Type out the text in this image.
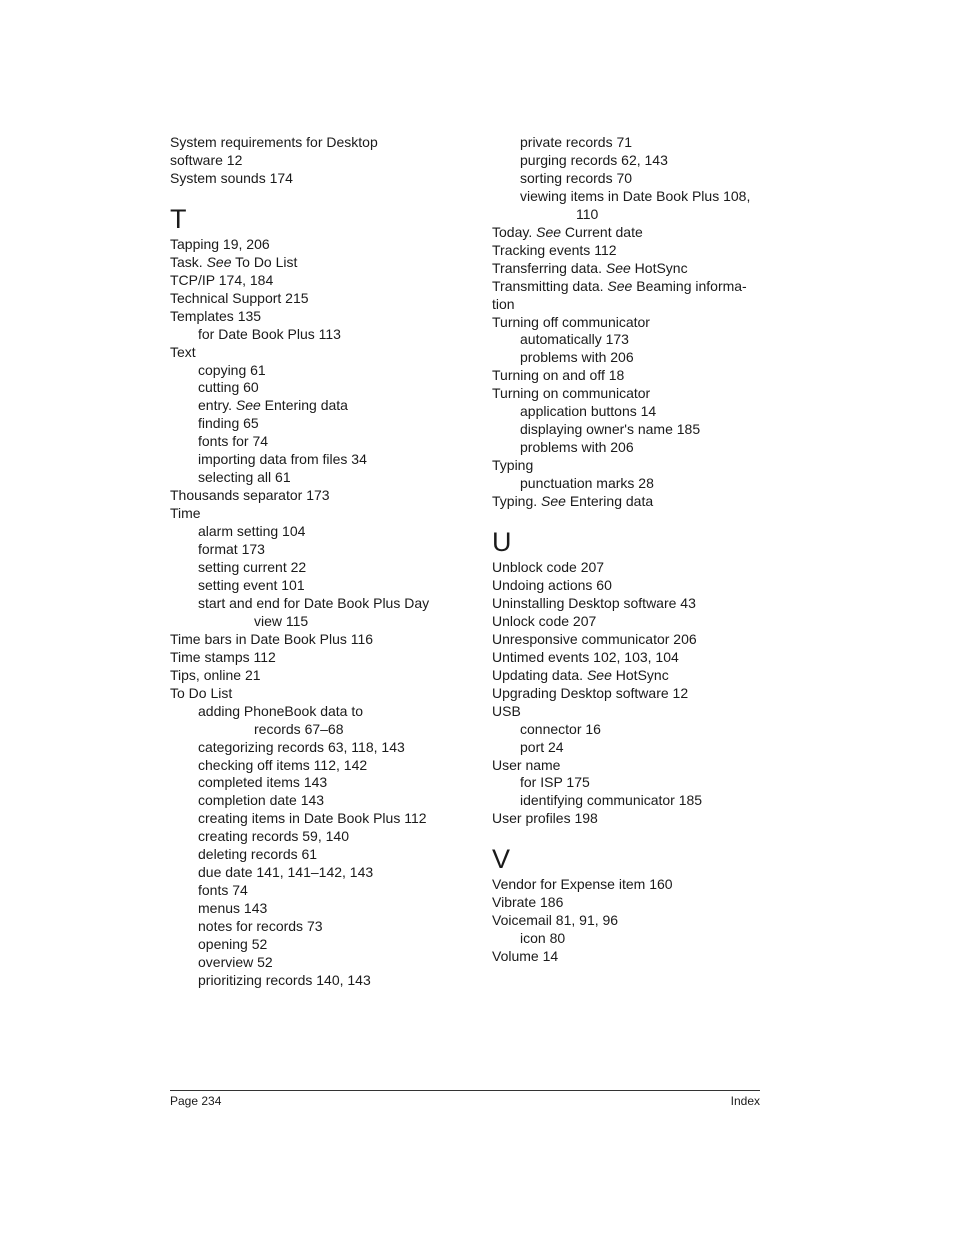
System requirements for Desktop
software 12
System sounds 174
T
Tapping 19, 206
Task. See To Do List
TCP/IP 174, 184
Technical Support 215
Templates 135
for Date Book Plus 113
Text
copying 61
cutting 60
entry. See Entering data
finding 65
fonts for 74
importing data from files 34
selecting all 61
Thousands separator 173
Time
alarm setting 104
format 173
setting current 22
setting event 101
start and end for Date Book Plus Day
view 115
Time bars in Date Book Plus 116
Time stamps 112
Tips, online 21
To Do List
adding PhoneBook data to
records 67–68
categorizing records 63, 118, 143
checking off items 112, 142
completed items 143
completion date 143
creating items in Date Book Plus 112
creating records 59, 140
deleting records 61
due date 141, 141–142, 143
fonts 74
menus 143
notes for records 73
opening 52
overview 52
prioritizing records 140, 143
private records 71
purging records 62, 143
sorting records 70
viewing items in Date Book Plus 108,
110
Today. See Current date
Tracking events 112
Transferring data. See HotSync
Transmitting data. See Beaming informa-
tion
Turning off communicator
automatically 173
problems with 206
Turning on and off 18
Turning on communicator
application buttons 14
displaying owner's name 185
problems with 206
Typing
punctuation marks 28
Typing. See Entering data
U
Unblock code 207
Undoing actions 60
Uninstalling Desktop software 43
Unlock code 207
Unresponsive communicator 206
Untimed events 102, 103, 104
Updating data. See HotSync
Upgrading Desktop software 12
USB
connector 16
port 24
User name
for ISP 175
identifying communicator 185
User profiles 198
V
Vendor for Expense item 160
Vibrate 186
Voicemail 81, 91, 96
icon 80
Volume 14
Page 234	Index
